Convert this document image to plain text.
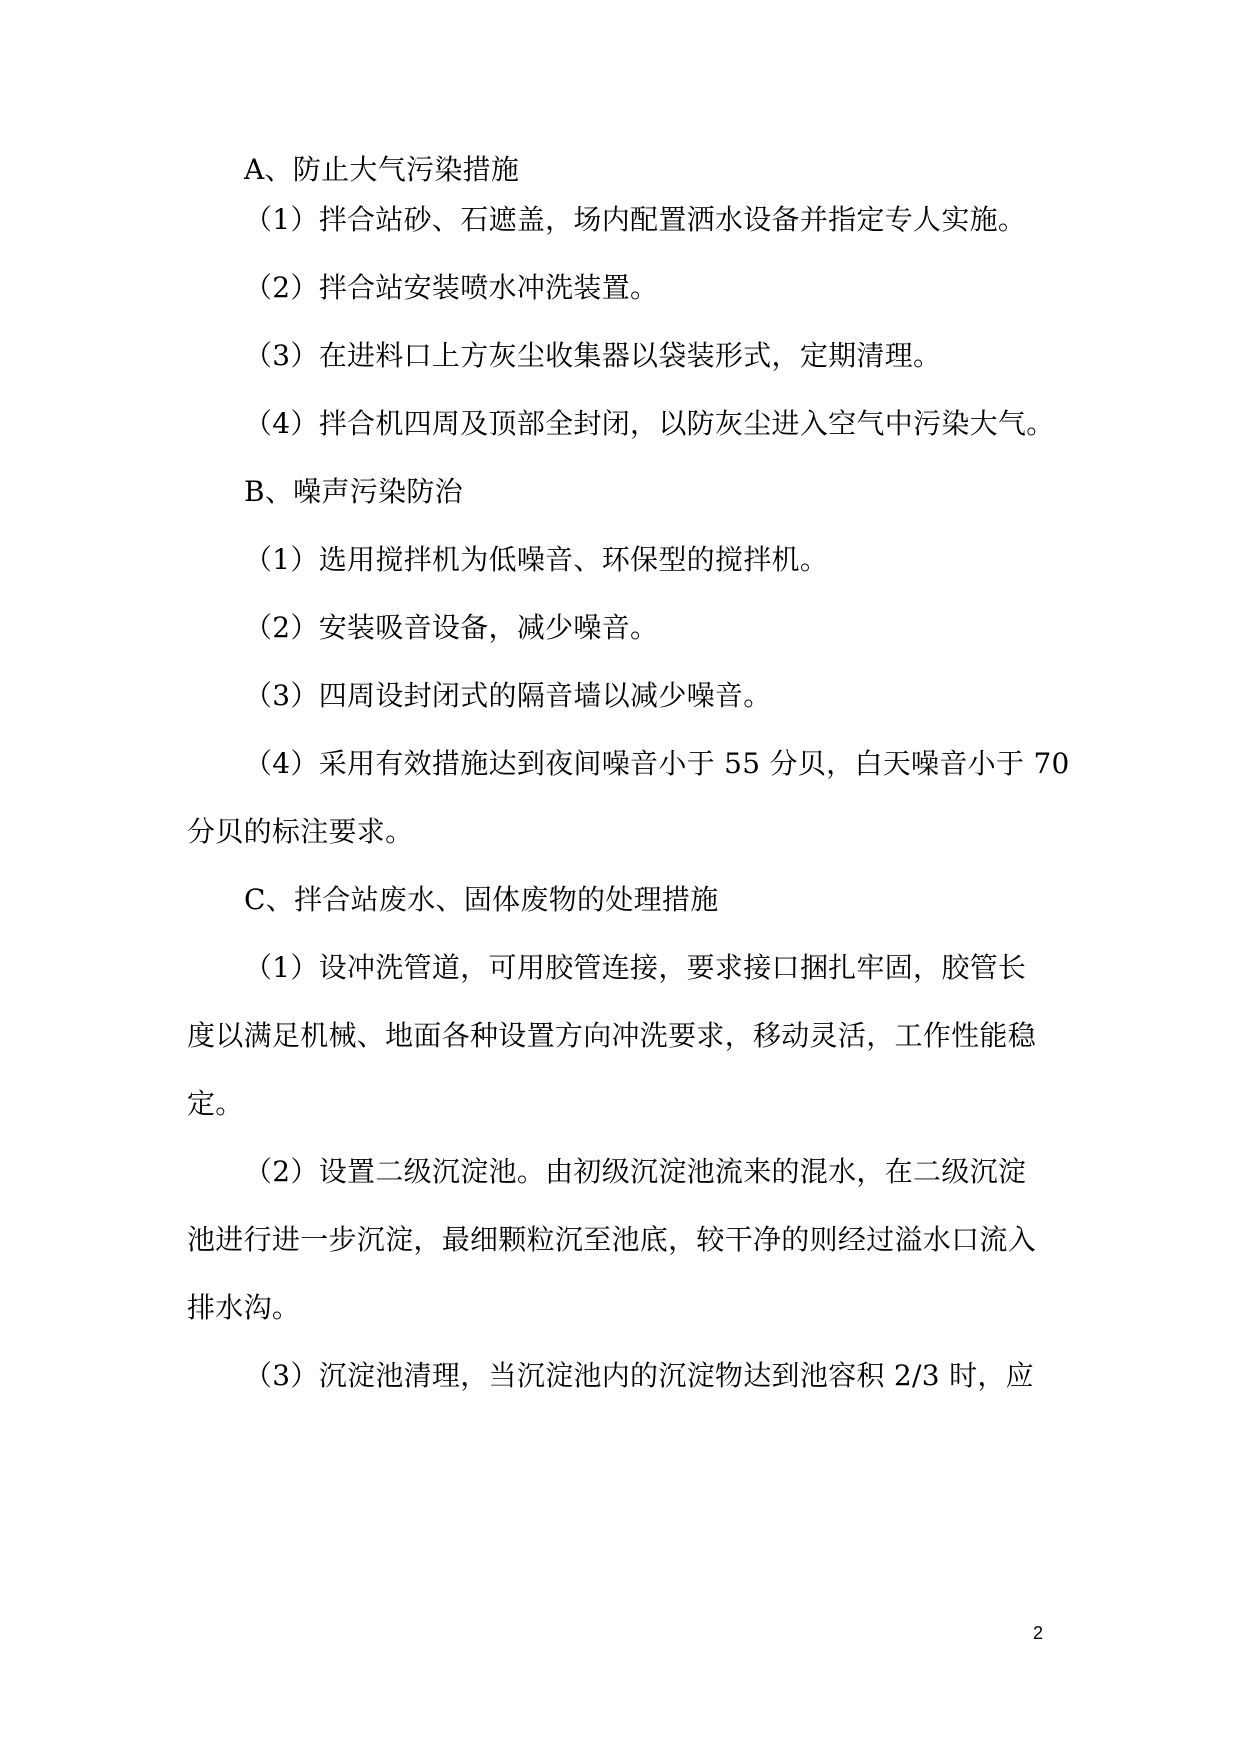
A、防止大气污染措施
（1）拌合站砂、石遮盖，场内配置洒水设备并指定专人实施。
（2）拌合站安装喷水冲洗装置。
（3）在进料口上方灰尘收集器以袋装形式，定期清理。
（4）拌合机四周及顶部全封闭，以防灰尘进入空气中污染大气。
B、噪声污染防治
（1）选用搅拌机为低噪音、环保型的搅拌机。
（2）安装吸音设备，减少噪音。
（3）四周设封闭式的隔音墙以减少噪音。
（4）采用有效措施达到夜间噪音小于 55 分贝，白天噪音小于 70
分贝的标注要求。
C、拌合站废水、固体废物的处理措施
（1）设冲洗管道，可用胶管连接，要求接口捆扎牢固，胶管长
度以满足机械、地面各种设置方向冲洗要求，移动灵活，工作性能稳
定。
（2）设置二级沉淀池。由初级沉淀池流来的混水，在二级沉淀
池进行进一步沉淀，最细颗粒沉至池底，较干净的则经过溢水口流入
排水沟。
（3）沉淀池清理，当沉淀池内的沉淀物达到池容积 2/3 时，应
2
